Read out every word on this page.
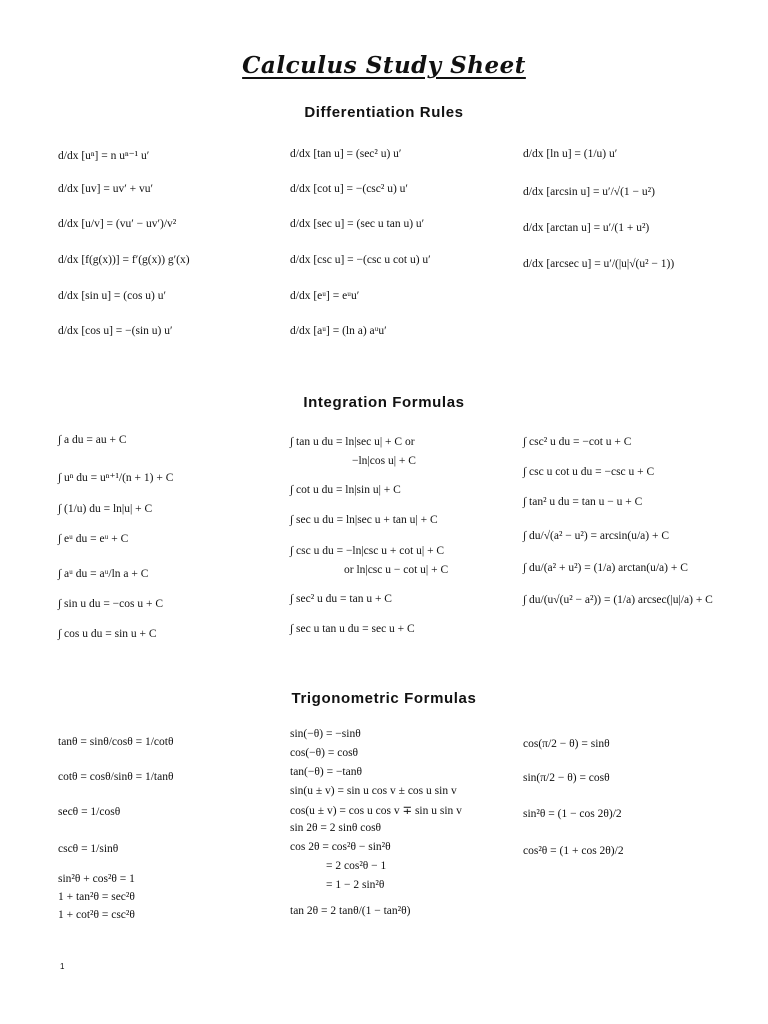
Calculus Study Sheet
Differentiation Rules
d/dx [uⁿ] = n uⁿ⁻¹ u′
d/dx [uv] = uv′ + vu′
d/dx [u/v] = (vu′ − uv′)/v²
d/dx [f(g(x))] = f′(g(x)) g′(x)
d/dx [sin u] = (cos u) u′
d/dx [cos u] = −(sin u) u′
d/dx [tan u] = (sec² u) u′
d/dx [cot u] = −(csc² u) u′
d/dx [sec u] = (sec u tan u) u′
d/dx [csc u] = −(csc u cot u) u′
d/dx [eᵘ] = eᵘu′
d/dx [aᵘ] = (ln a) aᵘu′
d/dx [ln u] = (1/u) u′
d/dx [arcsin u] = u′/√(1 − u²)
d/dx [arctan u] = u′/(1 + u²)
d/dx [arcsec u] = u′/(|u|√(u² − 1))
Integration Formulas
∫ a du = au + C
∫ uⁿ du = uⁿ⁺¹/(n + 1) + C
∫ (1/u) du = ln|u| + C
∫ eᵘ du = eᵘ + C
∫ aᵘ du = aᵘ/ln a + C
∫ sin u du = −cos u + C
∫ cos u du = sin u + C
∫ tan u du = ln|sec u| + C or
−ln|cos u| + C
∫ cot u du = ln|sin u| + C
∫ sec u du = ln|sec u + tan u| + C
∫ csc u du = −ln|csc u + cot u| + C
or ln|csc u − cot u| + C
∫ sec² u du = tan u + C
∫ sec u tan u du = sec u + C
∫ csc² u du = −cot u + C
∫ csc u cot u du = −csc u + C
∫ tan² u du = tan u − u + C
∫ du/√(a² − u²) = arcsin(u/a) + C
∫ du/(a² + u²) = (1/a) arctan(u/a) + C
∫ du/(u√(u² − a²)) = (1/a) arcsec(|u|/a) + C
Trigonometric Formulas
tanθ = sinθ/cosθ = 1/cotθ
cotθ = cosθ/sinθ = 1/tanθ
secθ = 1/cosθ
cscθ = 1/sinθ
sin²θ + cos²θ = 1
1 + tan²θ = sec²θ
1 + cot²θ = csc²θ
sin(−θ) = −sinθ
cos(−θ) = cosθ
tan(−θ) = −tanθ
sin(u ± v) = sin u cos v ± cos u sin v
cos(u ± v) = cos u cos v ∓ sin u sin v
sin 2θ = 2 sinθ cosθ
cos 2θ = cos²θ − sin²θ
= 2 cos²θ − 1
= 1 − 2 sin²θ
tan 2θ = 2 tanθ/(1 − tan²θ)
cos(π/2 − θ) = sinθ
sin(π/2 − θ) = cosθ
sin²θ = (1 − cos 2θ)/2
cos²θ = (1 + cos 2θ)/2
1
